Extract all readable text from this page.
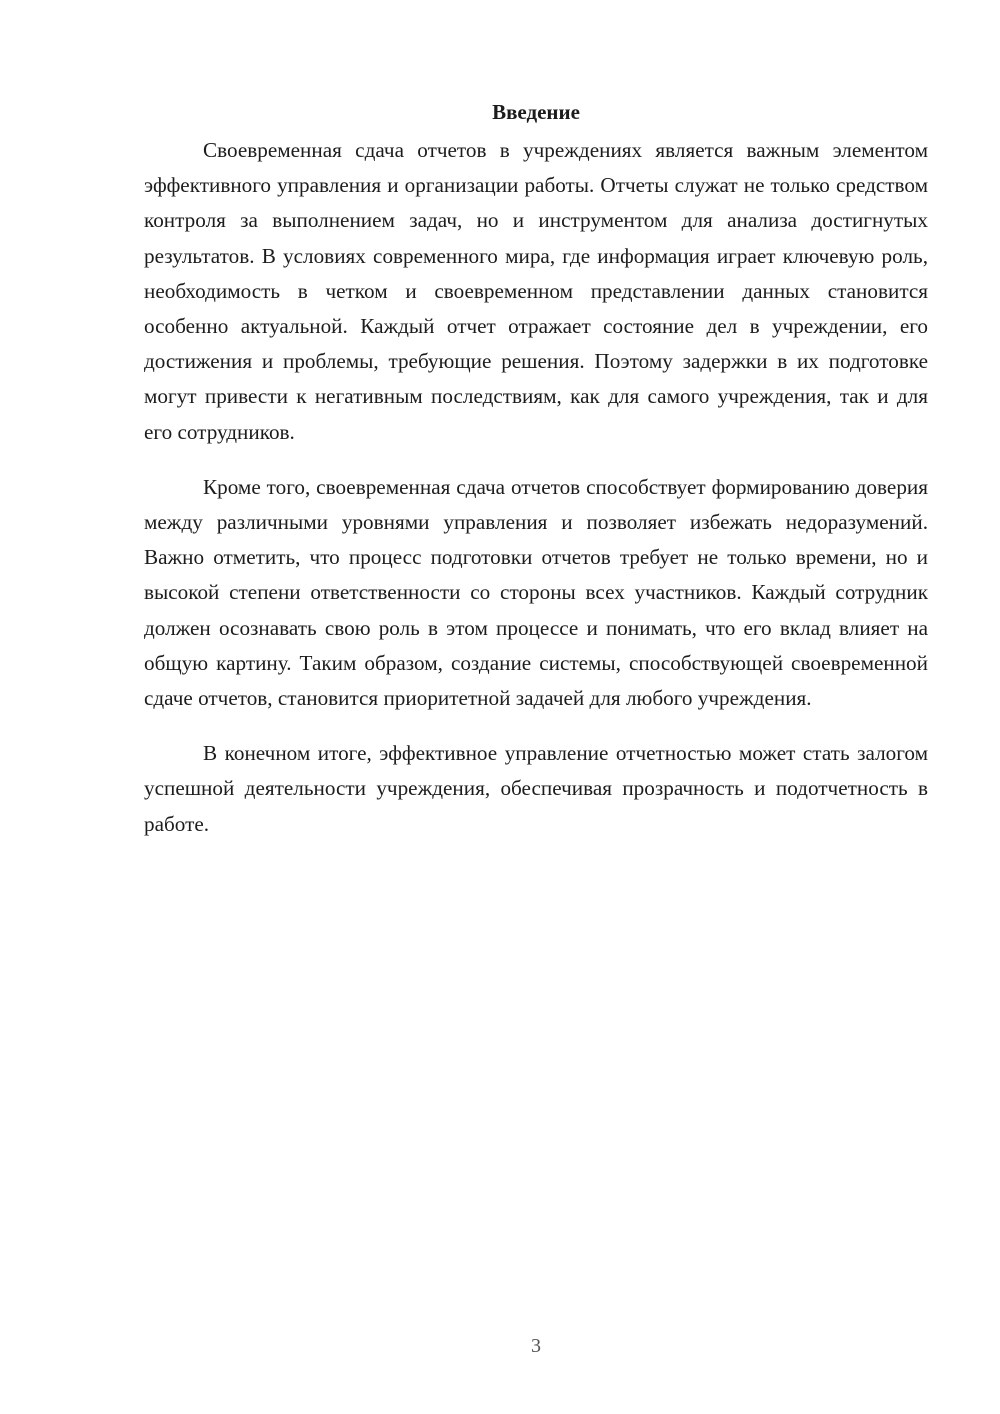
Введение

Своевременная сдача отчетов в учреждениях является важным элементом эффективного управления и организации работы. Отчеты служат не только средством контроля за выполнением задач, но и инструментом для анализа достигнутых результатов. В условиях современного мира, где информация играет ключевую роль, необходимость в четком и своевременном представлении данных становится особенно актуальной. Каждый отчет отражает состояние дел в учреждении, его достижения и проблемы, требующие решения. Поэтому задержки в их подготовке могут привести к негативным последствиям, как для самого учреждения, так и для его сотрудников.

Кроме того, своевременная сдача отчетов способствует формированию доверия между различными уровнями управления и позволяет избежать недоразумений. Важно отметить, что процесс подготовки отчетов требует не только времени, но и высокой степени ответственности со стороны всех участников. Каждый сотрудник должен осознавать свою роль в этом процессе и понимать, что его вклад влияет на общую картину. Таким образом, создание системы, способствующей своевременной сдаче отчетов, становится приоритетной задачей для любого учреждения.

В конечном итоге, эффективное управление отчетностью может стать залогом успешной деятельности учреждения, обеспечивая прозрачность и подотчетность в работе.

3
